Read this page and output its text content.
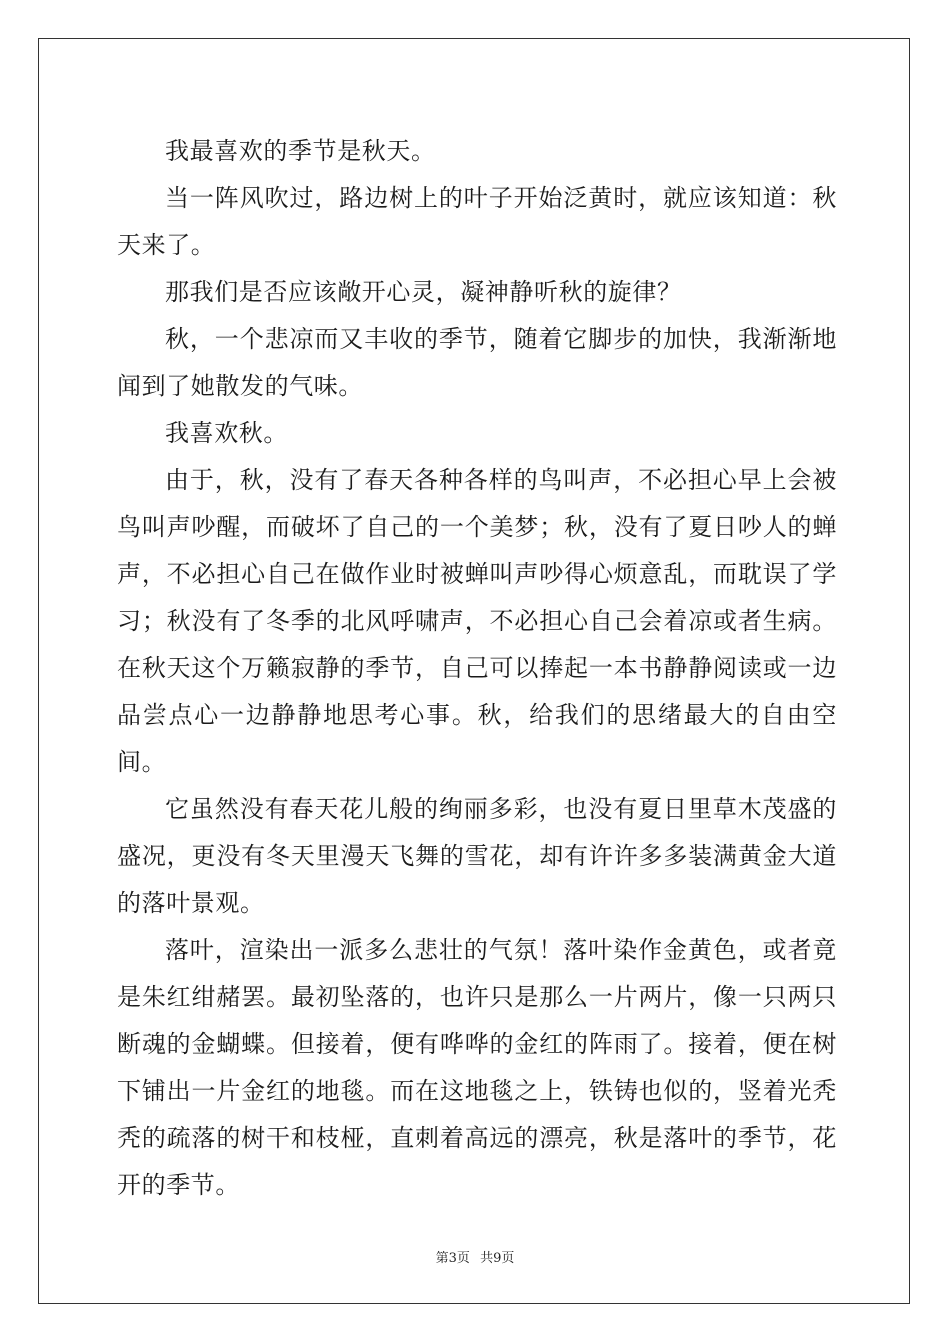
我最喜欢的季节是秋天。

当一阵风吹过，路边树上的叶子开始泛黄时，就应该知道：秋天来了。

那我们是否应该敞开心灵，凝神静听秋的旋律？

秋，一个悲凉而又丰收的季节，随着它脚步的加快，我渐渐地闻到了她散发的气味。

我喜欢秋。

由于，秋，没有了春天各种各样的鸟叫声，不必担心早上会被鸟叫声吵醒，而破坏了自己的一个美梦；秋，没有了夏日吵人的蝉声，不必担心自己在做作业时被蝉叫声吵得心烦意乱，而耽误了学习；秋没有了冬季的北风呼啸声，不必担心自己会着凉或者生病。在秋天这个万籁寂静的季节，自己可以捧起一本书静静阅读或一边品尝点心一边静静地思考心事。秋，给我们的思绪最大的自由空间。

它虽然没有春天花儿般的绚丽多彩，也没有夏日里草木茂盛的盛况，更没有冬天里漫天飞舞的雪花，却有许许多多装满黄金大道的落叶景观。

落叶，渲染出一派多么悲壮的气氛！落叶染作金黄色，或者竟是朱红绀赭罢。最初坠落的，也许只是那么一片两片，像一只两只断魂的金蝴蝶。但接着，便有哗哗的金红的阵雨了。接着，便在树下铺出一片金红的地毯。而在这地毯之上，铁铸也似的，竖着光秃秃的疏落的树干和枝桠，直刺着高远的漂亮，秋是落叶的季节，花开的季节。

第3页 共9页
